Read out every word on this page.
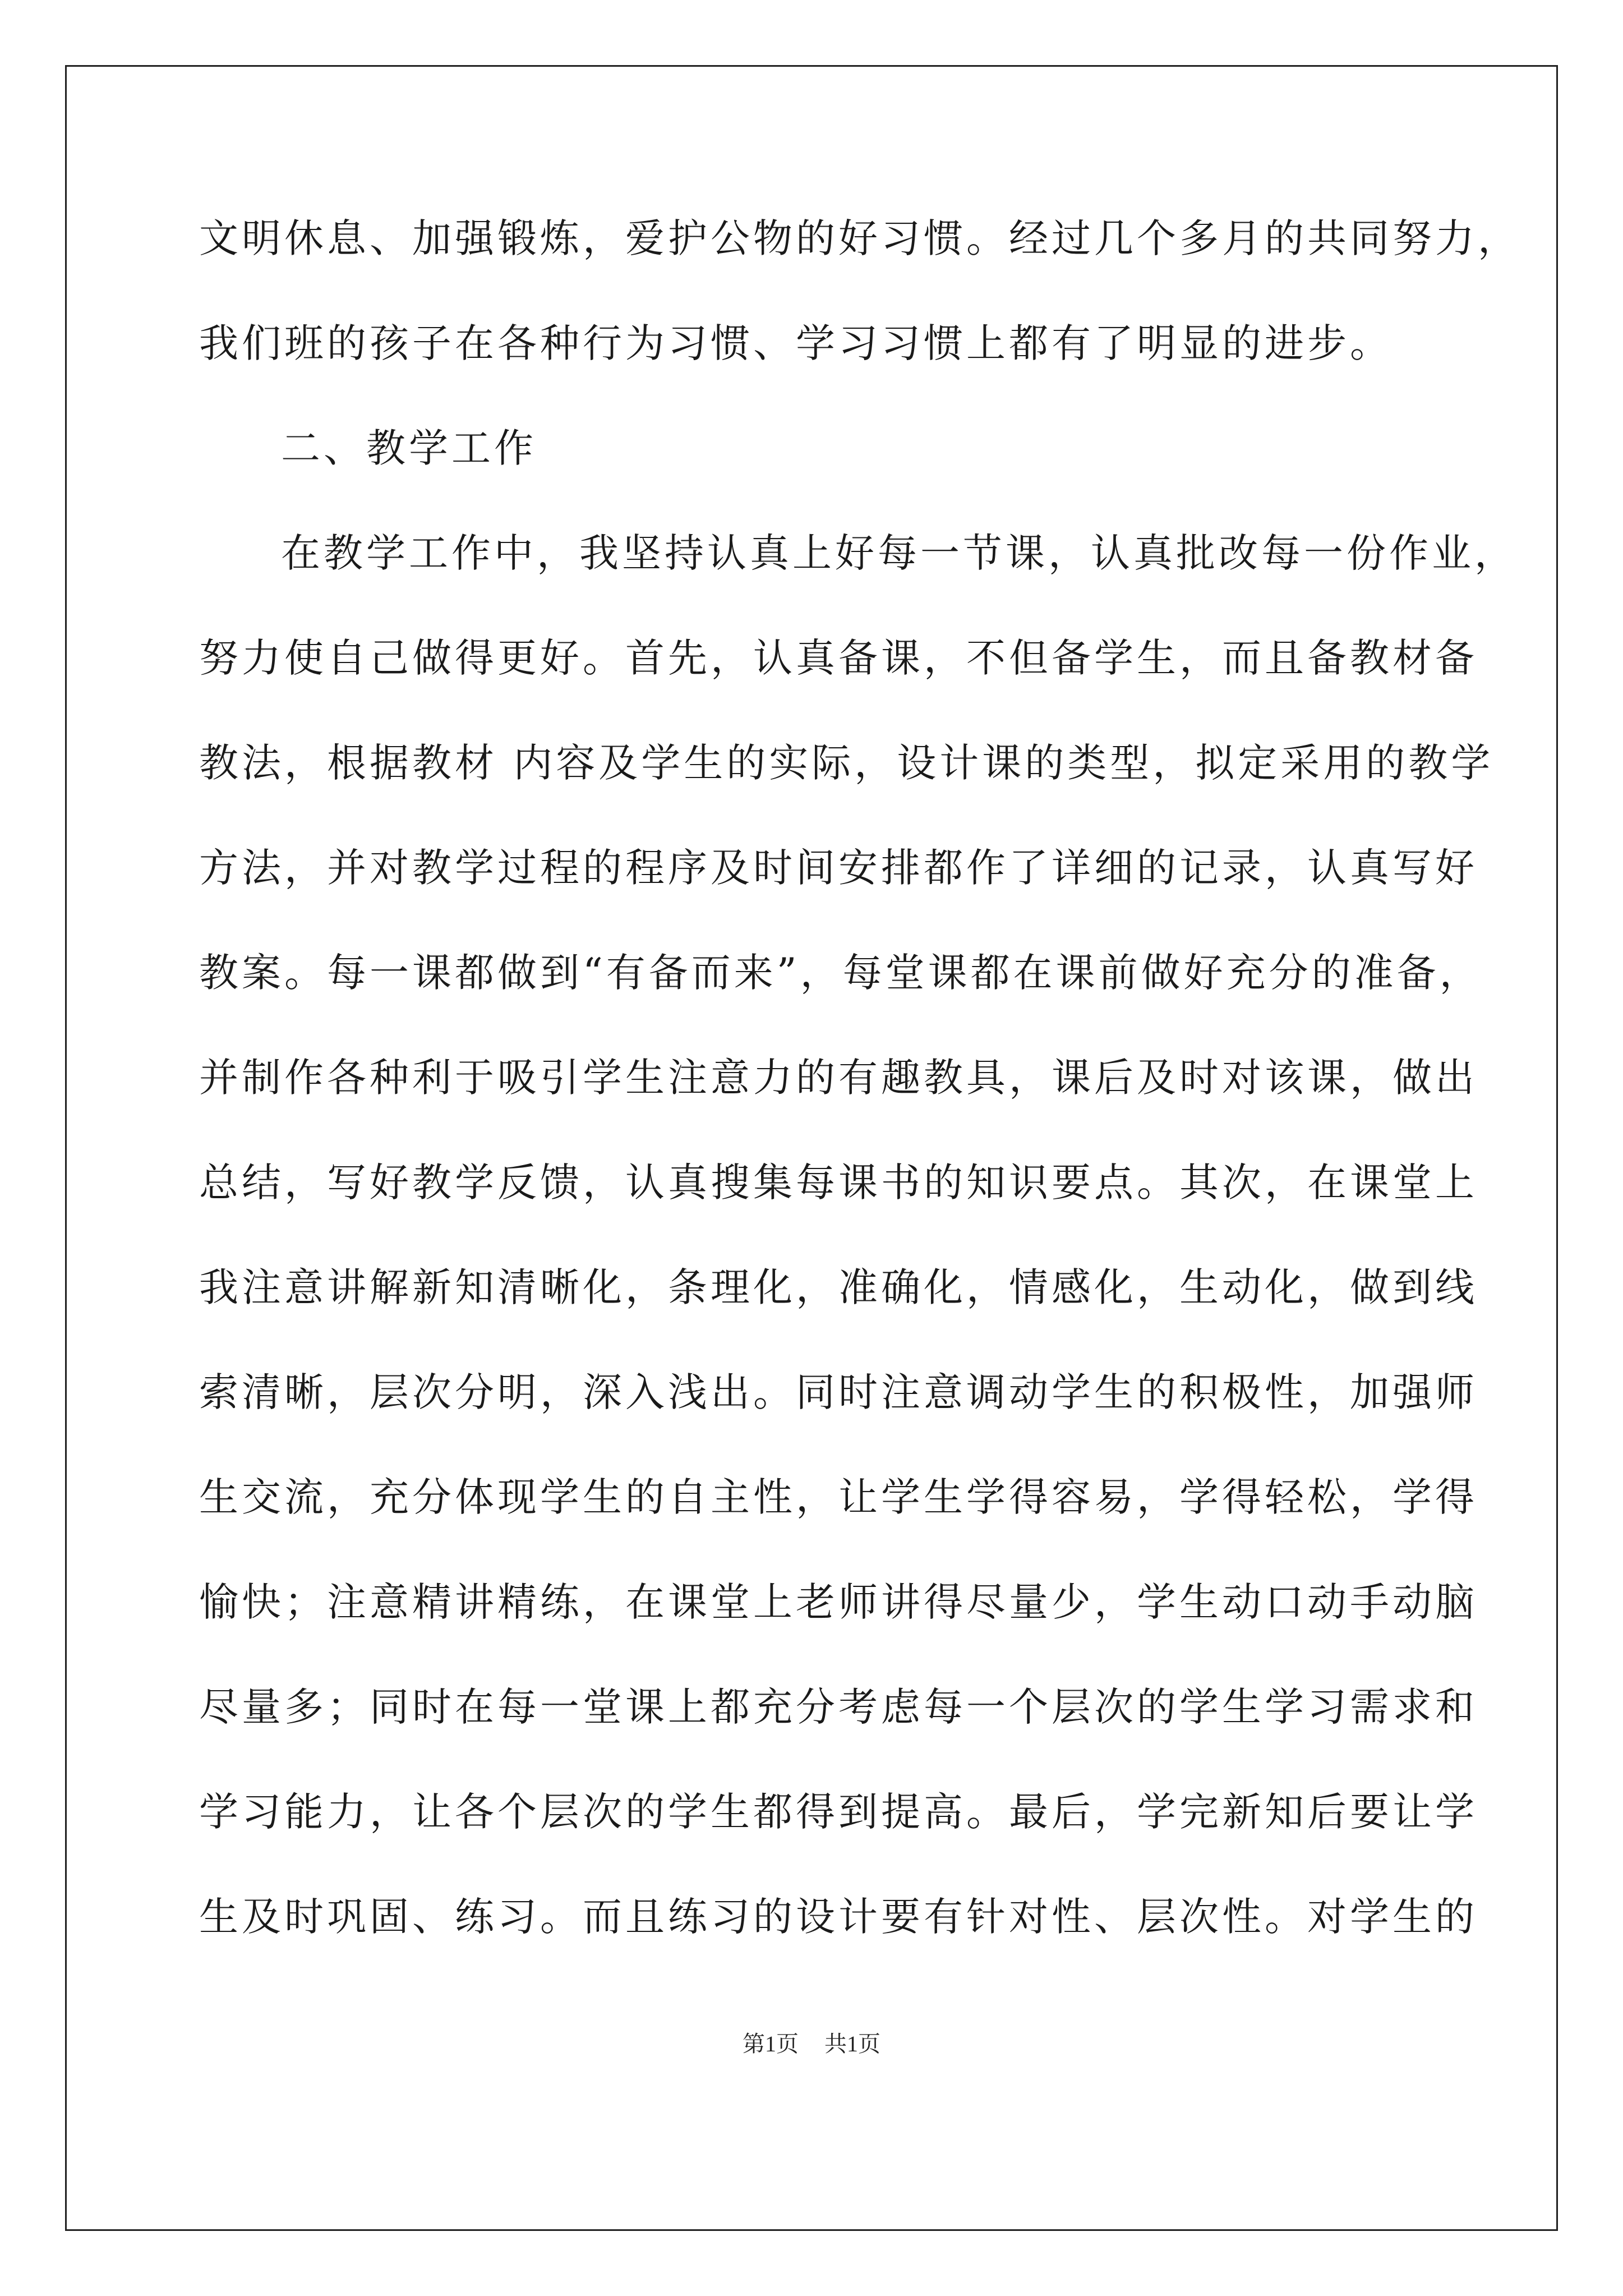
文明休息、加强锻炼，爱护公物的好习惯。经过几个多月的共同努力，
我们班的孩子在各种行为习惯、学习习惯上都有了明显的进步。
二、教学工作
在教学工作中，我坚持认真上好每一节课，认真批改每一份作业，
努力使自己做得更好。首先，认真备课，不但备学生，而且备教材备
教法，根据教材 内容及学生的实际，设计课的类型，拟定采用的教学
方法，并对教学过程的程序及时间安排都作了详细的记录，认真写好
教案。每一课都做到“有备而来”，每堂课都在课前做好充分的准备，
并制作各种利于吸引学生注意力的有趣教具，课后及时对该课，做出
总结，写好教学反馈，认真搜集每课书的知识要点。其次，在课堂上
我注意讲解新知清晰化，条理化，准确化，情感化，生动化，做到线
索清晰，层次分明，深入浅出。同时注意调动学生的积极性，加强师
生交流，充分体现学生的自主性，让学生学得容易，学得轻松，学得
愉快；注意精讲精练，在课堂上老师讲得尽量少，学生动口动手动脑
尽量多；同时在每一堂课上都充分考虑每一个层次的学生学习需求和
学习能力，让各个层次的学生都得到提高。最后，学完新知后要让学
生及时巩固、练习。而且练习的设计要有针对性、层次性。对学生的
第1页 共1页
